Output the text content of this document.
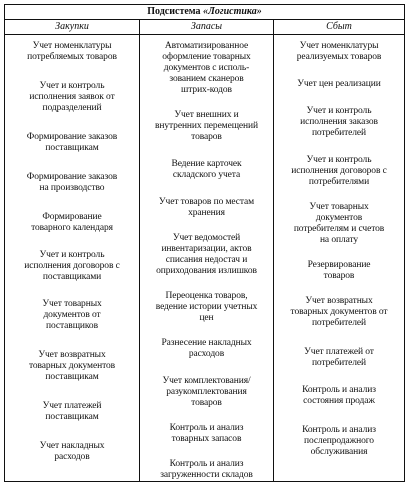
Подсистема «Логистика»
Закупки	Запасы	Сбыт
Учет номенклатуры
потребляемых товаров
Учет и контроль
исполнения заявок от
подразделений
Формирование заказов
поставщикам
Формирование заказов
на производство
Формирование
товарного календаря
Учет и контроль
исполнения договоров с
поставщиками
Учет товарных
документов от
поставщиков
Учет возвратных
товарных документов
поставщикам
Учет платежей
поставщикам
Учет накладных
расходов
Автоматизированное
оформление товарных
документов с исполь-
зованием сканеров
штрих-кодов
Учет внешних и
внутренних перемещений
товаров
Ведение карточек
складского учета
Учет товаров по местам
хранения
Учет ведомостей
инвентаризации, актов
списания недостач и
оприходования излишков
Переоценка товаров,
ведение истории учетных
цен
Разнесение накладных
расходов
Учет комплектования/
разукомплектования
товаров
Контроль и анализ
товарных запасов
Контроль и анализ
загруженности складов
Учет номенклатуры
реализуемых товаров
Учет цен реализации
Учет и контроль
исполнения заказов
потребителей
Учет и контроль
исполнения договоров с
потребителями
Учет товарных
документов
потребителям и счетов
на оплату
Резервирование
товаров
Учет возвратных
товарных документов от
потребителей
Учет платежей от
потребителей
Контроль и анализ
состояния продаж
Контроль и анализ
послепродажного
обслуживания
